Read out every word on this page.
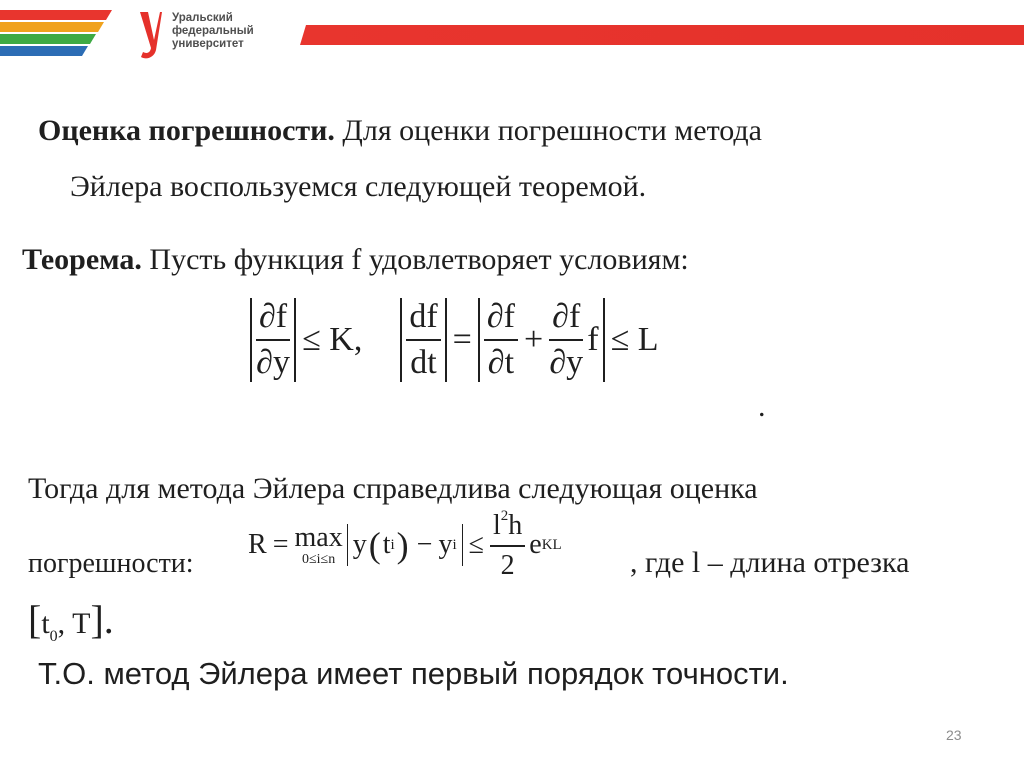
Уральский
федеральный
университет
Оценка погрешности. Для оценки погрешности метода
Эйлера воспользуемся следующей теоремой.
Теорема. Пусть функция f удовлетворяет условиям:
$\frac{\partial f}{\partial y} \le K$, $\frac{df}{dt} = \frac{\partial f}{\partial t} + \frac{\partial f}{\partial y}$ f ≤ L
.
Тогда для метода Эйлера справедлива следующая оценка
погрешности:
R = max
0≤i≤n y ( t i ) − y $i \le \frac{l^2h}{2}$ e KL
, где l – длина отрезка
[$t_0$, T].
Т.О. метод Эйлера имеет первый порядок точности.
23
